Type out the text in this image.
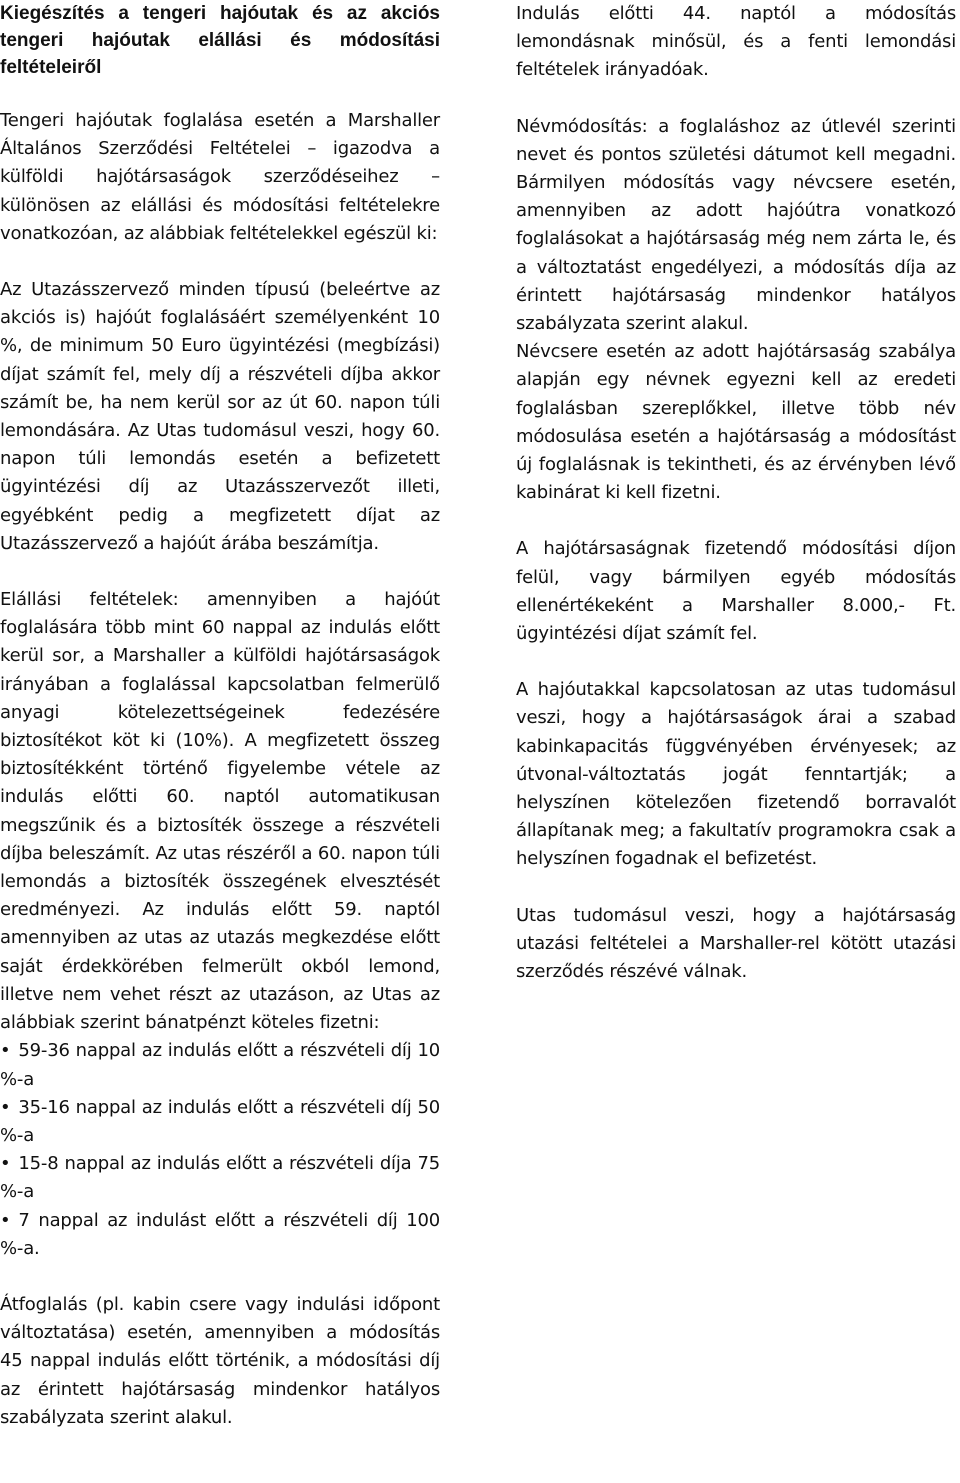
Kiegészítés a tengeri hajóutak és az akciós tengeri hajóutak elállási és módosítási feltételeiről

Tengeri hajóutak foglalása esetén a Marshaller Általános Szerződési Feltételei – igazodva a külföldi hajótársaságok szerződéseihez – különösen az elállási és módosítási feltételekre vonatkozóan, az alábbiak feltételekkel egészül ki:

Az Utazásszervező minden típusú (beleértve az akciós is) hajóút foglalásáért személyenként 10 %, de minimum 50 Euro ügyintézési (megbízási) díjat számít fel, mely díj a részvételi díjba akkor számít be, ha nem kerül sor az út 60. napon túli lemondására. Az Utas tudomásul veszi, hogy 60. napon túli lemondás esetén a befizetett ügyintézési díj az Utazásszervezőt illeti, egyébként pedig a megfizetett díjat az Utazásszervező a hajóút árába beszámítja.

Elállási feltételek: amennyiben a hajóút foglalására több mint 60 nappal az indulás előtt kerül sor, a Marshaller a külföldi hajótársaságok irányában a foglalással kapcsolatban felmerülő anyagi kötelezettségeinek fedezésére biztosítékot köt ki (10%). A megfizetett összeg biztosítékként történő figyelembe vétele az indulás előtti 60. naptól automatikusan megszűnik és a biztosíték összege a részvételi díjba beleszámít. Az utas részéről a 60. napon túli lemondás a biztosíték összegének elvesztését eredményezi. Az indulás előtt 59. naptól amennyiben az utas az utazás megkezdése előtt saját érdekkörében felmerült okból lemond, illetve nem vehet részt az utazáson, az Utas az alábbiak szerint bánatpénzt köteles fizetni:

• 59-36 nappal az indulás előtt a részvételi díj 10 %-a
• 35-16 nappal az indulás előtt a részvételi díj 50 %-a
• 15-8 nappal az indulás előtt a részvételi díja 75 %-a
• 7 nappal az indulást előtt a részvételi díj 100 %-a.

Átfoglalás (pl. kabin csere vagy indulási időpont változtatása) esetén, amennyiben a módosítás 45 nappal indulás előtt történik, a módosítási díj az érintett hajótársaság mindenkor hatályos szabályzata szerint alakul.

Indulás előtti 44. naptól a módosítás lemondásnak minősül, és a fenti lemondási feltételek irányadóak.

Névmódosítás: a foglaláshoz az útlevél szerinti nevet és pontos születési dátumot kell megadni. Bármilyen módosítás vagy névcsere esetén, amennyiben az adott hajóútra vonatkozó foglalásokat a hajótársaság még nem zárta le, és a változtatást engedélyezi, a módosítás díja az érintett hajótársaság mindenkor hatályos szabályzata szerint alakul.

Névcsere esetén az adott hajótársaság szabálya alapján egy névnek egyezni kell az eredeti foglalásban szereplőkkel, illetve több név módosulása esetén a hajótársaság a módosítást új foglalásnak is tekintheti, és az érvényben lévő kabinárat ki kell fizetni.

A hajótársaságnak fizetendő módosítási díjon felül, vagy bármilyen egyéb módosítás ellenértékeként a Marshaller 8.000,- Ft. ügyintézési díjat számít fel.

A hajóutakkal kapcsolatosan az utas tudomásul veszi, hogy a hajótársaságok árai a szabad kabinkapacitás függvényében érvényesek; az útvonal-változtatás jogát fenntartják; a helyszínen kötelezően fizetendő borravalót állapítanak meg; a fakultatív programokra csak a helyszínen fogadnak el befizetést.

Utas tudomásul veszi, hogy a hajótársaság utazási feltételei a Marshaller-rel kötött utazási szerződés részévé válnak.
